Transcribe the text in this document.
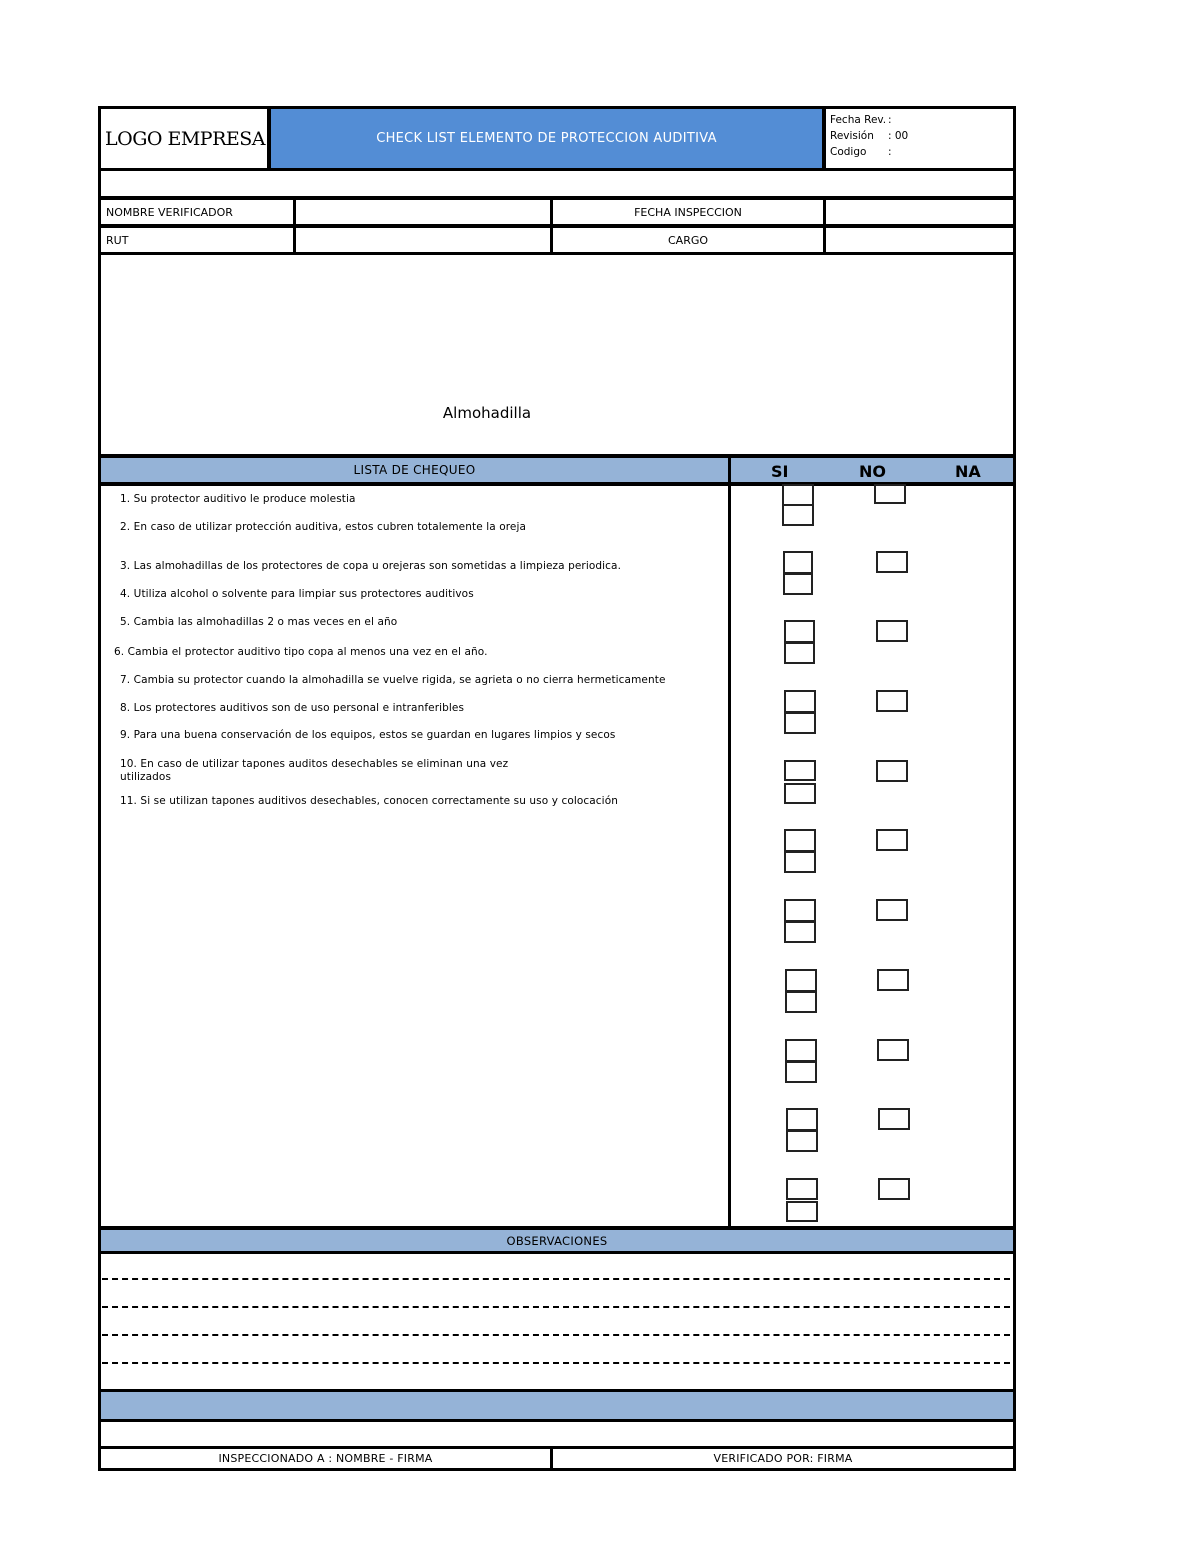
LOGO EMPRESA	CHECK LIST ELEMENTO DE PROTECCION AUDITIVA
Fecha Rev. :
Revisión	: 00
Codigo	:
NOMBRE VERIFICADOR	FECHA INSPECCION
RUT	CARGO
Almohadilla
LISTA DE CHEQUEO	SI	NO	NA
1. Su protector auditivo le produce molestia
2. En caso de utilizar protección auditiva, estos cubren totalemente la oreja
3. Las almohadillas de los protectores de copa u orejeras son sometidas a limpieza periodica.
4. Utiliza alcohol o solvente para limpiar sus protectores auditivos
5. Cambia las almohadillas 2 o mas veces en el año
6. Cambia el protector auditivo tipo copa al menos una vez en el año.
7. Cambia su protector cuando la almohadilla se vuelve rigida, se agrieta o no cierra hermeticamente
8. Los protectores auditivos son de uso personal e intranferibles
9. Para una buena conservación de los equipos, estos se guardan en lugares limpios y secos
10. En caso de utilizar tapones auditos desechables se eliminan una vez utilizados
11. Si se utilizan tapones auditivos desechables, conocen correctamente su uso y colocación
OBSERVACIONES
INSPECCIONADO A : NOMBRE - FIRMA	VERIFICADO POR: FIRMA
